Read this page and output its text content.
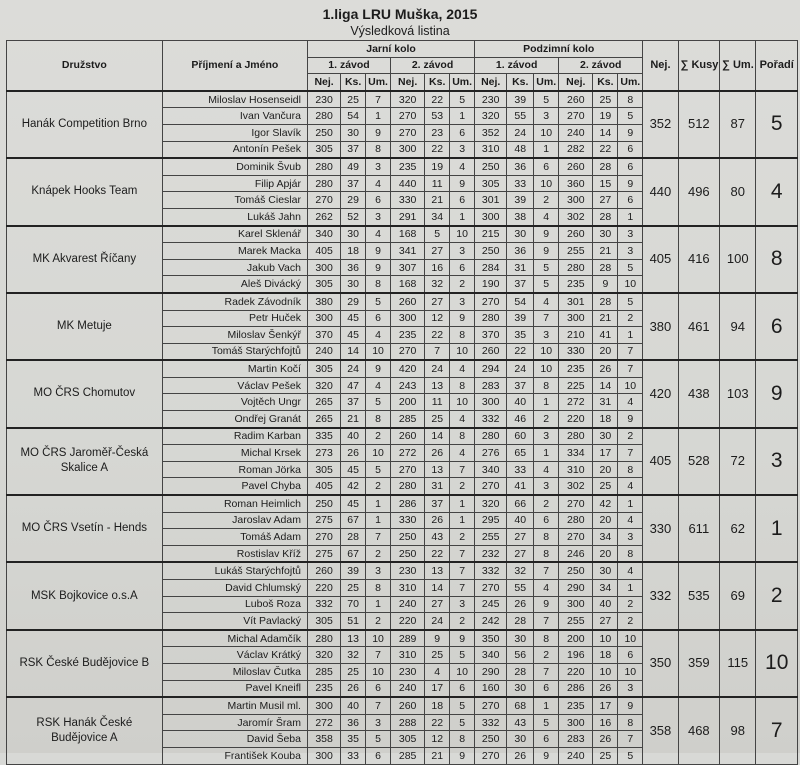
1.liga LRU Muška, 2015
Výsledková listina
Družstvo	Příjmení a Jméno	Jarní kolo						Podzimní kolo						Nej.	∑ Kusy	∑ Um.	Pořadí
		1. závod			2. závod			1. závod			2. závod						
		Nej.	Ks.	Um.	Nej.	Ks.	Um.	Nej.	Ks.	Um.	Nej.	Ks.	Um.				
Hanák Competition Brno	Miloslav Hosenseidl	230	25	7	320	22	5	230	39	5	260	25	8	352	512	87	5
	Ivan Vančura	280	54	1	270	53	1	320	55	3	270	19	5				
	Igor Slavík	250	30	9	270	23	6	352	24	10	240	14	9				
	Antonín Pešek	305	37	8	300	22	3	310	48	1	282	22	6				
Knápek Hooks Team	Dominik Švub	280	49	3	235	19	4	250	36	6	260	28	6	440	496	80	4
	Filip Apjár	280	37	4	440	11	9	305	33	10	360	15	9				
	Tomáš Cieslar	270	29	6	330	21	6	301	39	2	300	27	6				
	Lukáš Jahn	262	52	3	291	34	1	300	38	4	302	28	1				
MK Akvarest Říčany	Karel Sklenář	340	30	4	168	5	10	215	30	9	260	30	3	405	416	100	8
	Marek Macka	405	18	9	341	27	3	250	36	9	255	21	3				
	Jakub Vach	300	36	9	307	16	6	284	31	5	280	28	5				
	Aleš Divácký	305	30	8	168	32	2	190	37	5	235	9	10				
MK Metuje	Radek Závodník	380	29	5	260	27	3	270	54	4	301	28	5	380	461	94	6
	Petr Huček	300	45	6	300	12	9	280	39	7	300	21	2				
	Miloslav Šenkýř	370	45	4	235	22	8	370	35	3	210	41	1				
	Tomáš Starýchfojtů	240	14	10	270	7	10	260	22	10	330	20	7				
MO ČRS Chomutov	Martin Kočí	305	24	9	420	24	4	294	24	10	235	26	7	420	438	103	9
	Václav Pešek	320	47	4	243	13	8	283	37	8	225	14	10				
	Vojtěch Ungr	265	37	5	200	11	10	300	40	1	272	31	4				
	Ondřej Granát	265	21	8	285	25	4	332	46	2	220	18	9				
MO ČRS Jaroměř-Česká Skalice A	Radim Karban	335	40	2	260	14	8	280	60	3	280	30	2	405	528	72	3
	Michal Krsek	273	26	10	272	26	4	276	65	1	334	17	7				
	Roman Jörka	305	45	5	270	13	7	340	33	4	310	20	8				
	Pavel Chyba	405	42	2	280	31	2	270	41	3	302	25	4				
MO ČRS Vsetín - Hends	Roman Heimlich	250	45	1	286	37	1	320	66	2	270	42	1	330	611	62	1
	Jaroslav Adam	275	67	1	330	26	1	295	40	6	280	20	4				
	Tomáš Adam	270	28	7	250	43	2	255	27	8	270	34	3				
	Rostislav Kříž	275	67	2	250	22	7	232	27	8	246	20	8				
MSK Bojkovice o.s.A	Lukáš Starýchfojtů	260	39	3	230	13	7	332	32	7	250	30	4	332	535	69	2
	David Chlumský	220	25	8	310	14	7	270	55	4	290	34	1				
	Luboš Roza	332	70	1	240	27	3	245	26	9	300	40	2				
	Vít Pavlacký	305	51	2	220	24	2	242	28	7	255	27	2				
RSK České Budějovice B	Michal Adamčík	280	13	10	289	9	9	350	30	8	200	10	10	350	359	115	10
	Václav Krátký	320	32	7	310	25	5	340	56	2	196	18	6				
	Miloslav Čutka	285	25	10	230	4	10	290	28	7	220	10	10				
	Pavel Kneifl	235	26	6	240	17	6	160	30	6	286	26	3				
RSK Hanák České Budějovice A	Martin Musil ml.	300	40	7	260	18	5	270	68	1	235	17	9	358	468	98	7
	Jaromír Šram	272	36	3	288	22	5	332	43	5	300	16	8				
	David Šeba	358	35	5	305	12	8	250	30	6	283	26	7				
	František Kouba	300	33	6	285	21	9	270	26	9	240	25	5				
